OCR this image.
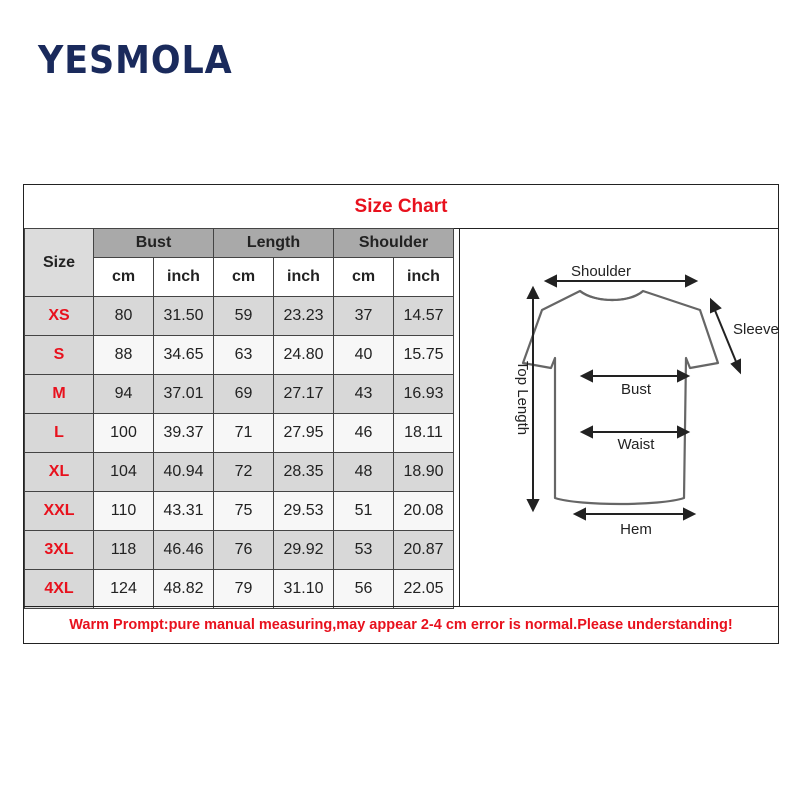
YESMOLA
Size Chart
Size	Bust		Length		Shoulder	
	cm	inch	cm	inch	cm	inch
XS	80	31.50	59	23.23	37	14.57
S	88	34.65	63	24.80	40	15.75
M	94	37.01	69	27.17	43	16.93
L	100	39.37	71	27.95	46	18.11
XL	104	40.94	72	28.35	48	18.90
XXL	110	43.31	75	29.53	51	20.08
3XL	118	46.46	76	29.92	53	20.87
4XL	124	48.82	79	31.10	56	22.05
Shoulder
Sleeve
Bust
Waist
Hem
Top Length
Warm Prompt:pure manual measuring,may appear 2-4 cm error is normal.Please understanding!
